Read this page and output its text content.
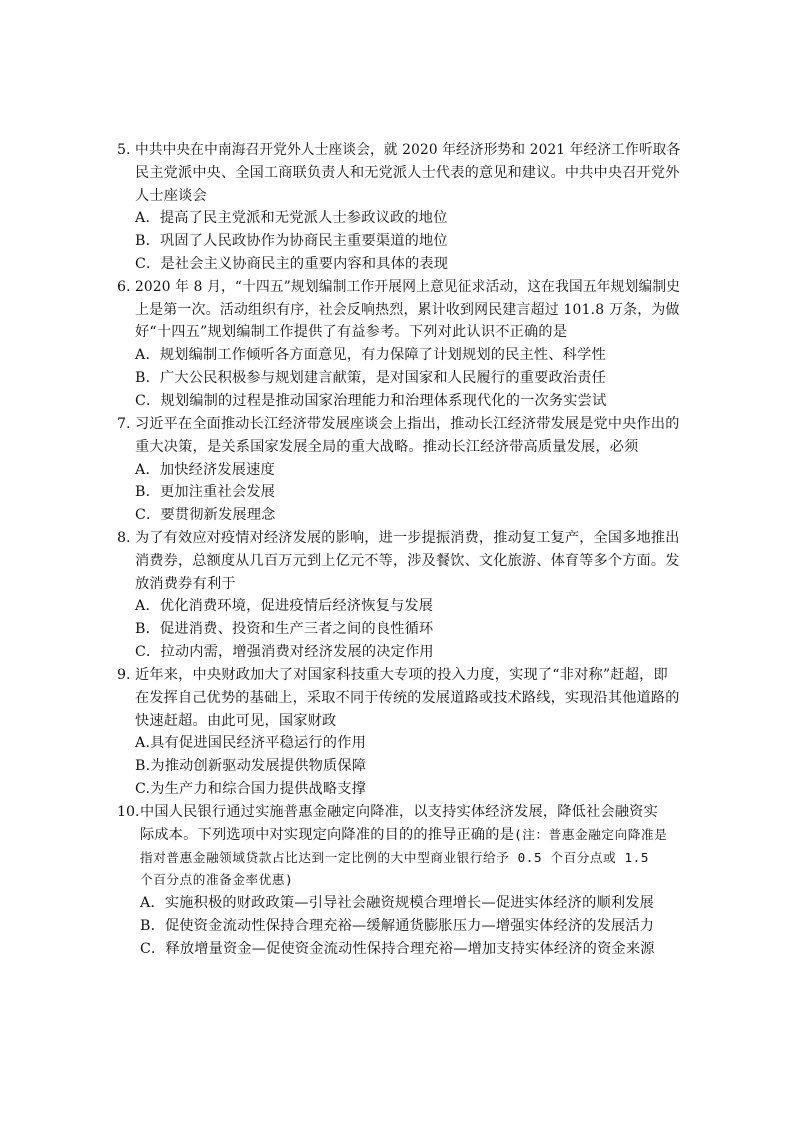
5. 中共中央在中南海召开党外人士座谈会，就 2020 年经济形势和 2021 年经济工作听取各
民主党派中央、全国工商联负责人和无党派人士代表的意见和建议。中共中央召开党外
人士座谈会
A．提高了民主党派和无党派人士参政议政的地位
B．巩固了人民政协作为协商民主重要渠道的地位
C．是社会主义协商民主的重要内容和具体的表现
6. 2020 年 8 月，“十四五”规划编制工作开展网上意见征求活动，这在我国五年规划编制史
上是第一次。活动组织有序，社会反响热烈，累计收到网民建言超过 101.8 万条，为做
好“十四五”规划编制工作提供了有益参考。下列对此认识不正确的是
A．规划编制工作倾听各方面意见，有力保障了计划规划的民主性、科学性
B．广大公民积极参与规划建言献策，是对国家和人民履行的重要政治责任
C．规划编制的过程是推动国家治理能力和治理体系现代化的一次务实尝试
7. 习近平在全面推动长江经济带发展座谈会上指出，推动长江经济带发展是党中央作出的
重大决策，是关系国家发展全局的重大战略。推动长江经济带高质量发展，必须
A．加快经济发展速度
B．更加注重社会发展
C．要贯彻新发展理念
8. 为了有效应对疫情对经济发展的影响，进一步提振消费，推动复工复产，全国多地推出
消费券，总额度从几百万元到上亿元不等，涉及餐饮、文化旅游、体育等多个方面。发
放消费券有利于
A．优化消费环境，促进疫情后经济恢复与发展
B．促进消费、投资和生产三者之间的良性循环
C．拉动内需，增强消费对经济发展的决定作用
9. 近年来，中央财政加大了对国家科技重大专项的投入力度，实现了“非对称”赶超，即
在发挥自己优势的基础上，采取不同于传统的发展道路或技术路线，实现沿其他道路的
快速赶超。由此可见，国家财政
A.具有促进国民经济平稳运行的作用
B.为推动创新驱动发展提供物质保障
C.为生产力和综合国力提供战略支撑
10. 中国人民银行通过实施普惠金融定向降准，以支持实体经济发展，降低社会融资实
际成本。下列选项中对实现定向降准的目的的推导正确的是(注：普惠金融定向降准是
指对普惠金融领域贷款占比达到一定比例的大中型商业银行给予 0.5 个百分点或 1.5
个百分点的准备金率优惠)
A．实施积极的财政政策—引导社会融资规模合理增长—促进实体经济的顺利发展
B．促使资金流动性保持合理充裕—缓解通货膨胀压力—增强实体经济的发展活力
C．释放增量资金—促使资金流动性保持合理充裕—增加支持实体经济的资金来源
